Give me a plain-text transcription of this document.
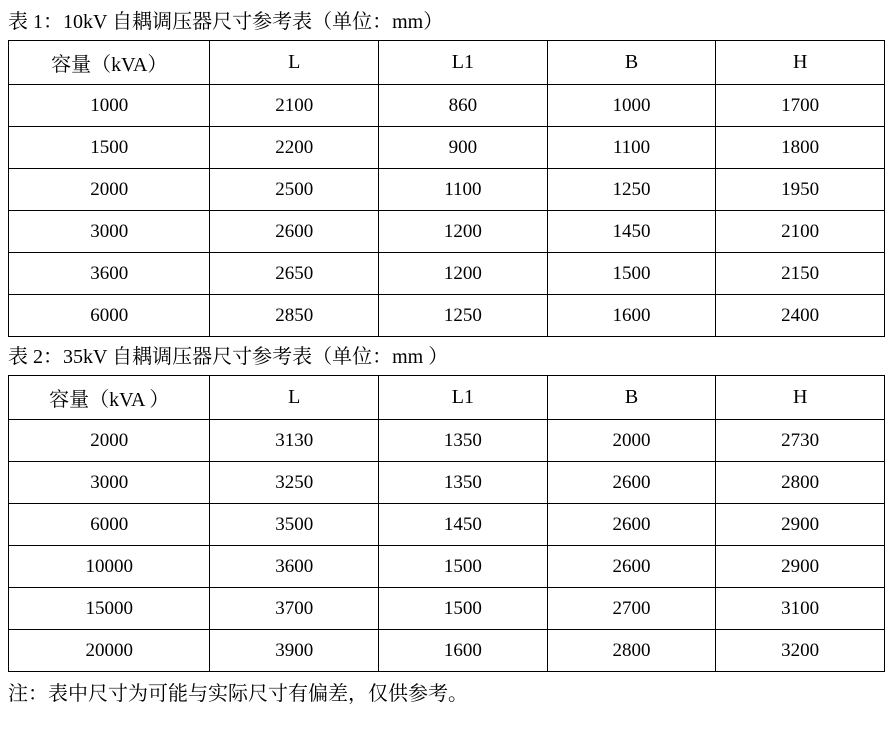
表 1：10kV 自耦调压器尺寸参考表（单位：mm）
容量（kVA）	L	L1	B	H
1000	2100	860	1000	1700
1500	2200	900	1100	1800
2000	2500	1100	1250	1950
3000	2600	1200	1450	2100
3600	2650	1200	1500	2150
6000	2850	1250	1600	2400
表 2：35kV 自耦调压器尺寸参考表（单位：mm ）
容量（kVA ）	L	L1	B	H
2000	3130	1350	2000	2730
3000	3250	1350	2600	2800
6000	3500	1450	2600	2900
10000	3600	1500	2600	2900
15000	3700	1500	2700	3100
20000	3900	1600	2800	3200
注：表中尺寸为可能与实际尺寸有偏差，仅供参考。
